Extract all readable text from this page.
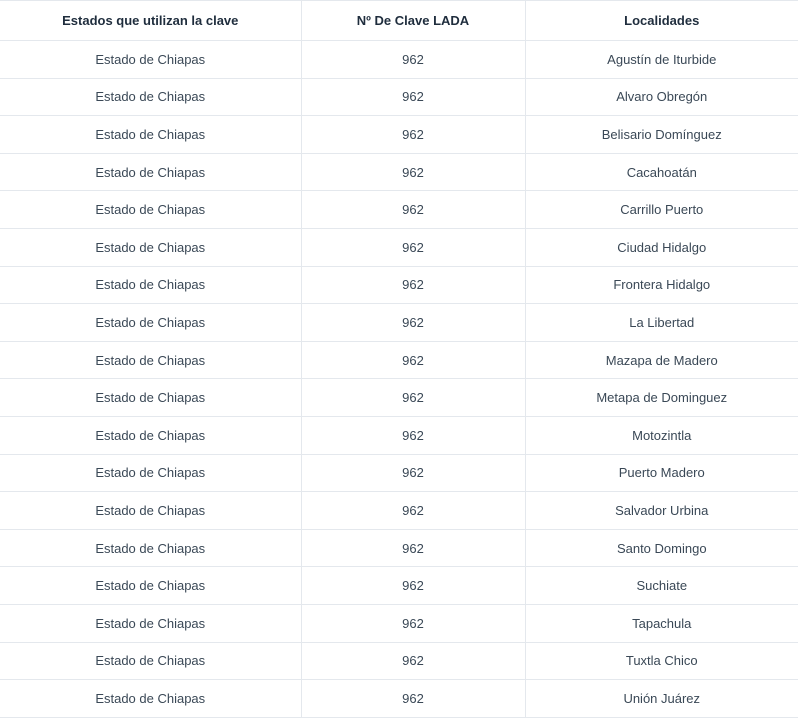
Estados que utilizan la clave	Nº De Clave LADA	Localidades
Estado de Chiapas	962	Agustín de Iturbide
Estado de Chiapas	962	Alvaro Obregón
Estado de Chiapas	962	Belisario Domínguez
Estado de Chiapas	962	Cacahoatán
Estado de Chiapas	962	Carrillo Puerto
Estado de Chiapas	962	Ciudad Hidalgo
Estado de Chiapas	962	Frontera Hidalgo
Estado de Chiapas	962	La Libertad
Estado de Chiapas	962	Mazapa de Madero
Estado de Chiapas	962	Metapa de Dominguez
Estado de Chiapas	962	Motozintla
Estado de Chiapas	962	Puerto Madero
Estado de Chiapas	962	Salvador Urbina
Estado de Chiapas	962	Santo Domingo
Estado de Chiapas	962	Suchiate
Estado de Chiapas	962	Tapachula
Estado de Chiapas	962	Tuxtla Chico
Estado de Chiapas	962	Unión Juárez
